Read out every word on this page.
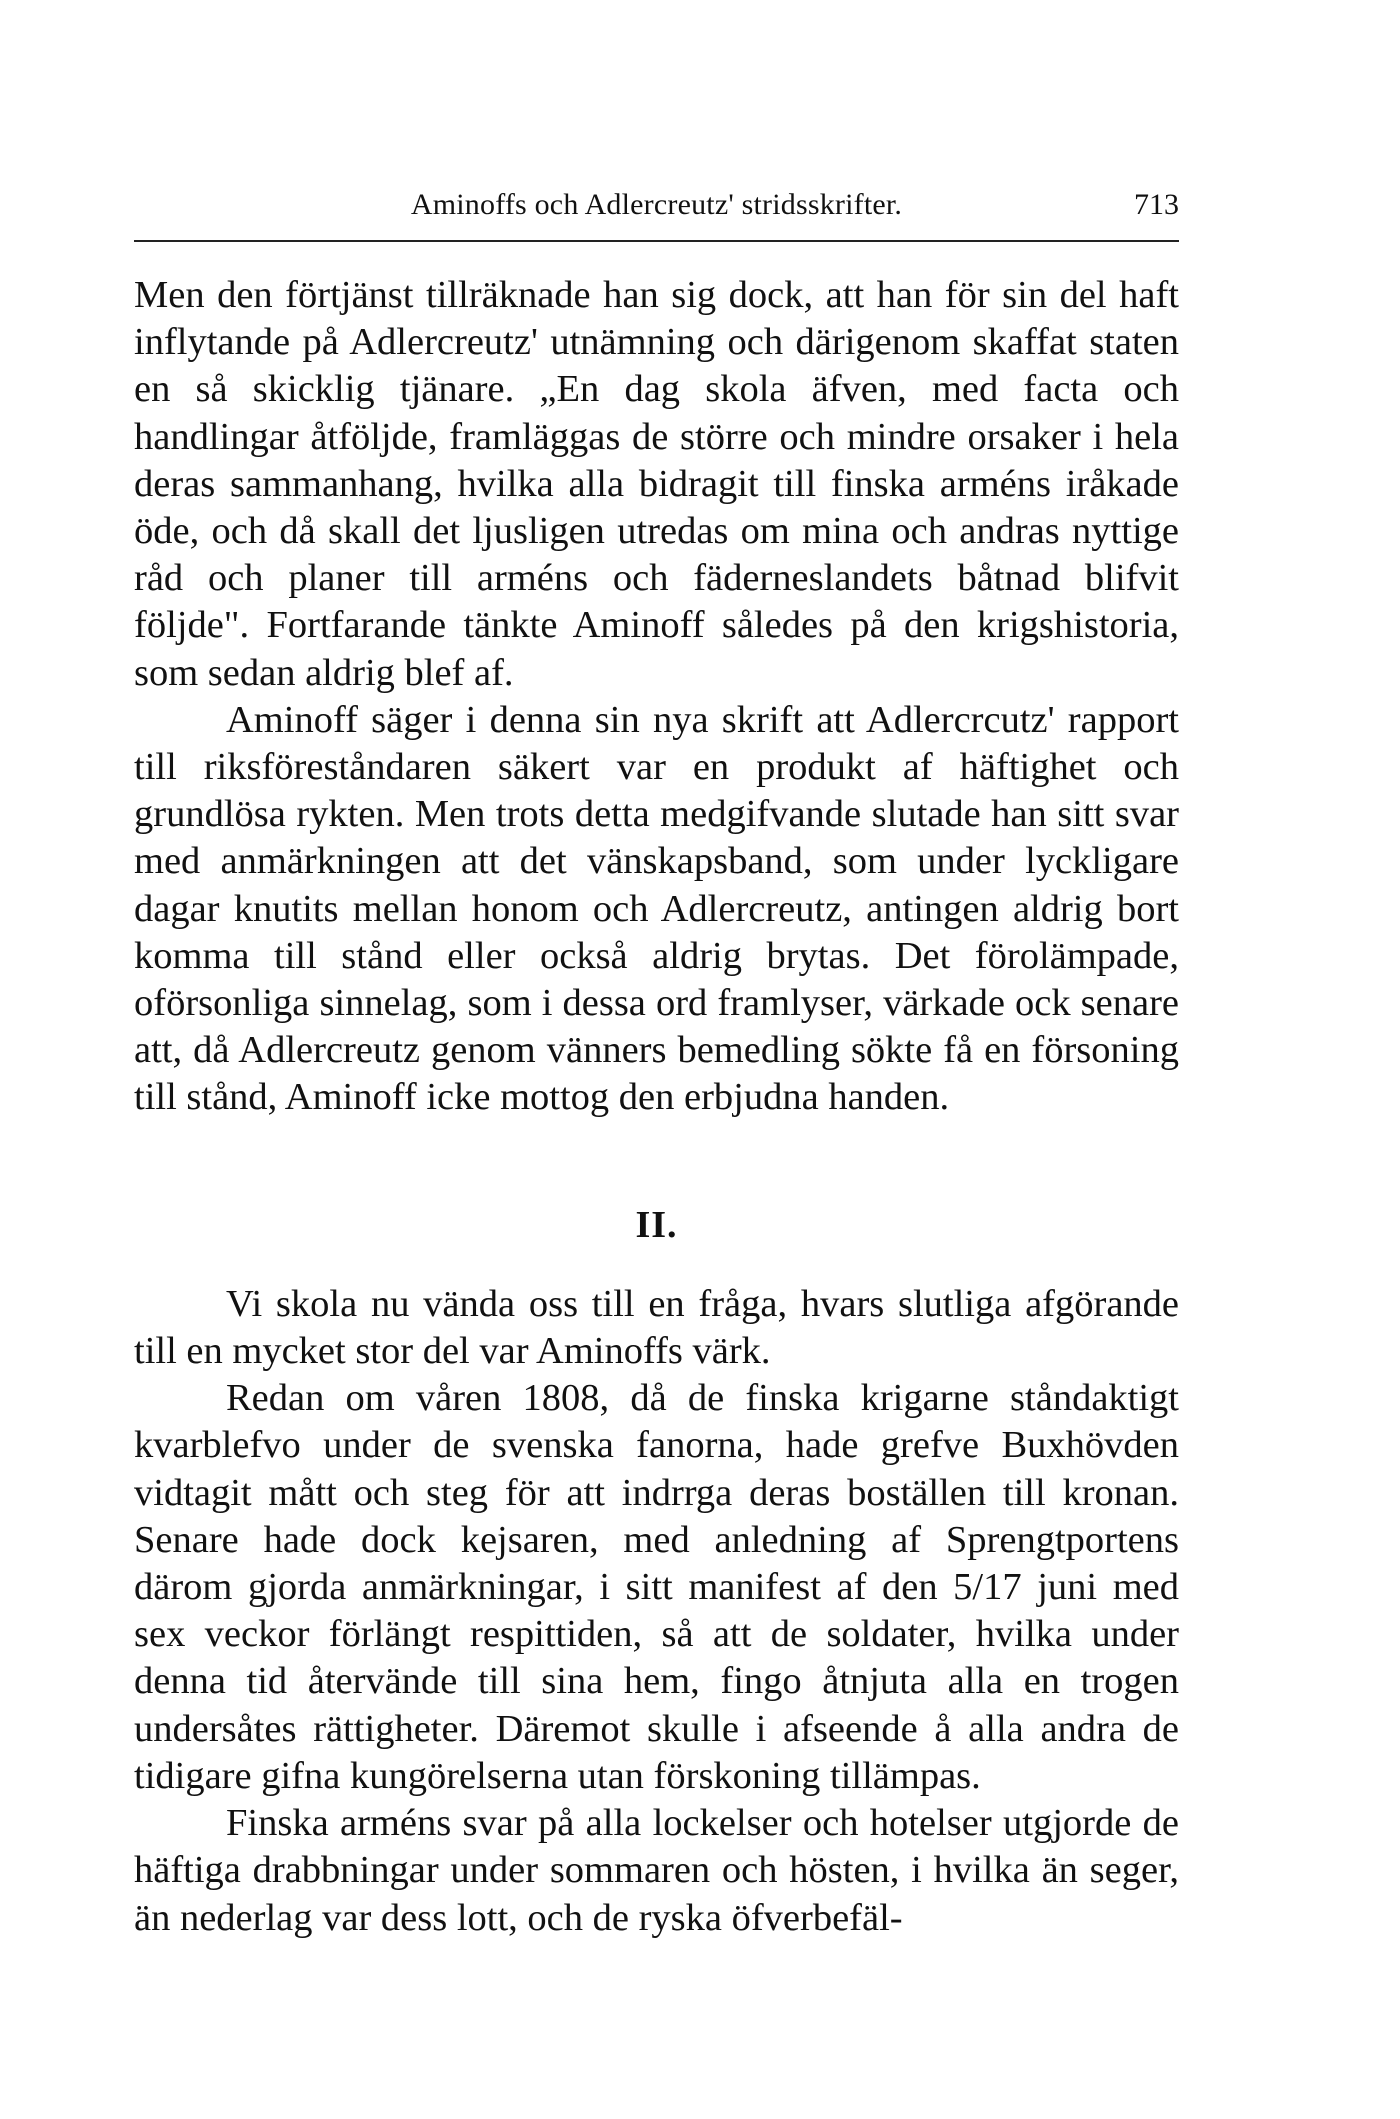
Aminoffs och Adlercreutz' stridsskrifter.	713

Men den förtjänst tillräknade han sig dock, att han för sin del haft inflytande på Adlercreutz' utnämning och därigenom skaffat staten en så skicklig tjänare. „En dag skola äfven, med facta och handlingar åtföljde, framläggas de större och mindre orsaker i hela deras sammanhang, hvilka alla bidragit till finska arméns iråkade öde, och då skall det ljusligen utredas om mina och andras nyttige råd och planer till arméns och fäderneslandets båtnad blifvit följde". Fortfarande tänkte Aminoff således på den krigshistoria, som sedan aldrig blef af.

Aminoff säger i denna sin nya skrift att Adlercrcutz' rapport till riksföreståndaren säkert var en produkt af häftighet och grundlösa rykten. Men trots detta medgifvande slutade han sitt svar med anmärkningen att det vänskapsband, som under lyckligare dagar knutits mellan honom och Adlercreutz, antingen aldrig bort komma till stånd eller också aldrig brytas. Det förolämpade, oförsonliga sinnelag, som i dessa ord framlyser, värkade ock senare att, då Adlercreutz genom vänners bemedling sökte få en försoning till stånd, Aminoff icke mottog den erbjudna handen.

II.

Vi skola nu vända oss till en fråga, hvars slutliga afgörande till en mycket stor del var Aminoffs värk.

Redan om våren 1808, då de finska krigarne ståndaktigt kvarblefvo under de svenska fanorna, hade grefve Buxhövden vidtagit mått och steg för att indrrga deras boställen till kronan. Senare hade dock kejsaren, med anledning af Sprengtportens därom gjorda anmärkningar, i sitt manifest af den 5/17 juni med sex veckor förlängt respittiden, så att de soldater, hvilka under denna tid återvände till sina hem, fingo åtnjuta alla en trogen undersåtes rättigheter. Däremot skulle i afseende å alla andra de tidigare gifna kungörelserna utan förskoning tillämpas.

Finska arméns svar på alla lockelser och hotelser utgjorde de häftiga drabbningar under sommaren och hösten, i hvilka än seger, än nederlag var dess lott, och de ryska öfverbefäl-
